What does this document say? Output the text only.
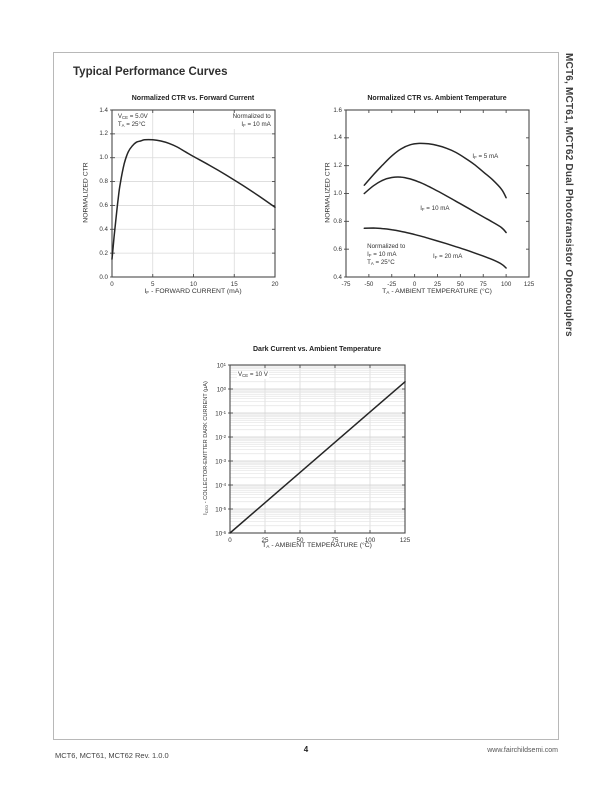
Typical Performance Curves
Normalized CTR vs. Forward Current	Normalized CTR vs. Ambient Temperature
Dark Current vs. Ambient Temperature
$I_F$ - FORWARD CURRENT (mA)	$T_A$ - AMBIENT TEMPERATURE (°C)
$T_A$ - AMBIENT TEMPERATURE (°C)
NORMALIZED CTR	NORMALIZED CTR
$I_{CEO}$ - COLLECTOR-EMITTER DARK CURRENT (µA)
0	5	10	15	20
0.0
0.2
0.4
0.6
0.8
1.0
1.2
1.4
$V_{CE} = 5.0V$
$T_A = 25^\circ C$
Normalized to
$I_F = 10$ mA
-75	-50	-25	0	25	50	75	100	125
0.4
0.6
0.8
1.0
1.2
1.4
1.6
$I_F = 5$ mA
$I_F = 10$ mA
$I_F = 20$ mA
Normalized to
$I_F = 10$ mA
$T_A = 25^\circ C$
0	25	50	75	100	125
$10^1$
$10^0$
$10^{-1}$
$10^{-2}$
$10^{-3}$
$10^{-4}$
$10^{-5}$
$10^{-6}$
$V_{CE} = 10$ V
MCT6, MCT61, MCT62 Dual Phototransistor Optocouplers
MCT6, MCT61, MCT62 Rev. 1.0.0
4	www.fairchildsemi.com
